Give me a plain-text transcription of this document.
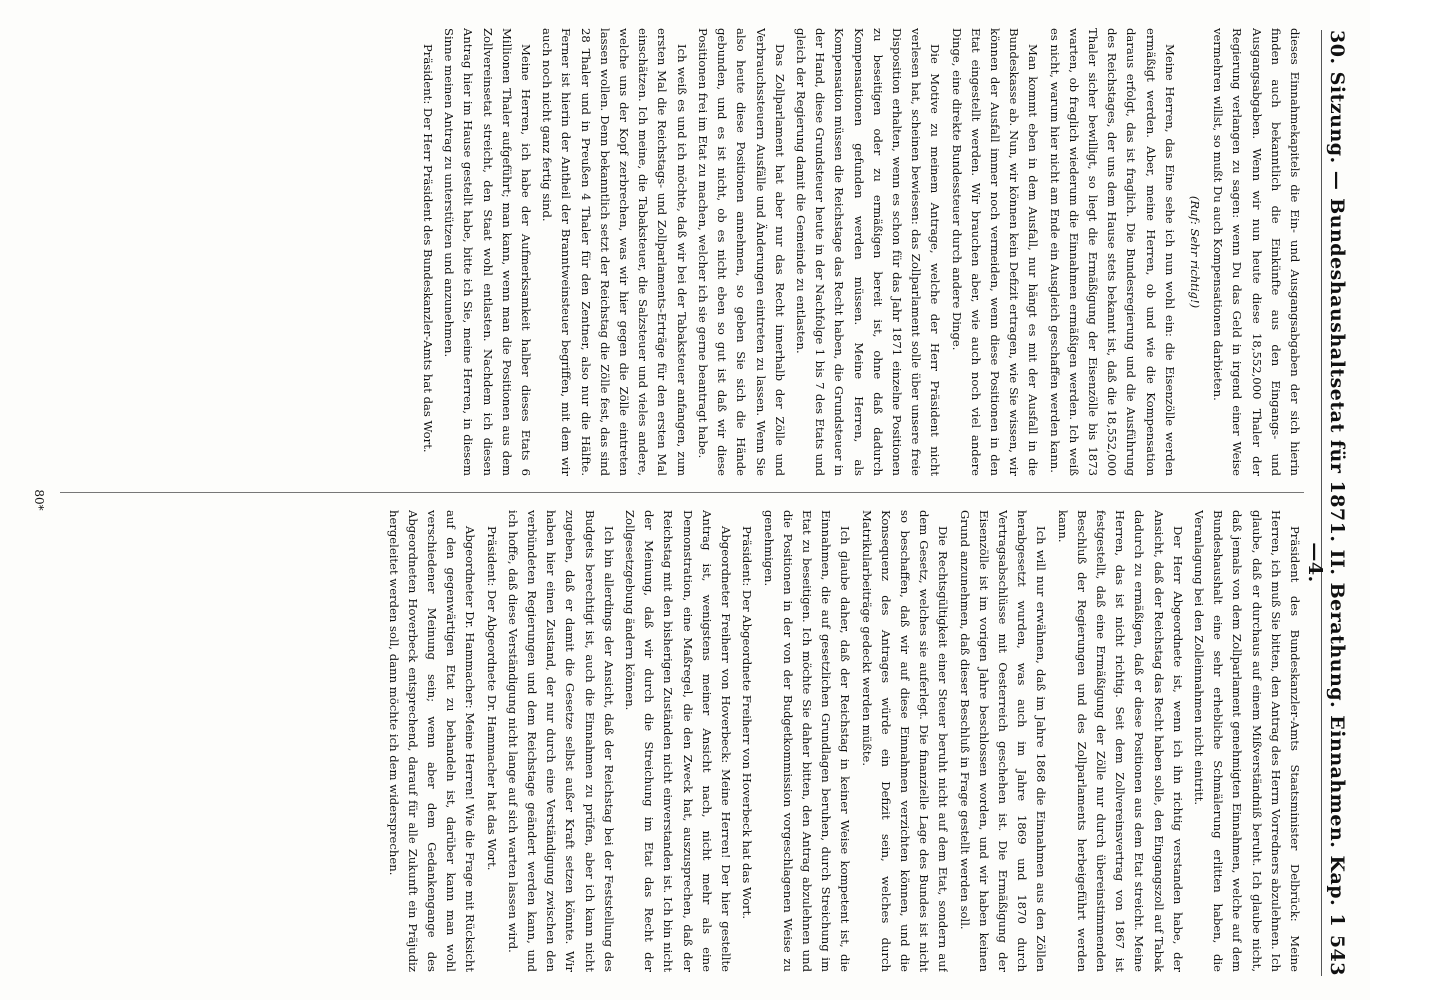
30. Sitzung. —
Bundeshaushaltsetat für 1871. II. Berathung. Einnahmen. Kap. 1—4.
543

dieses Einnahmekapitels die Ein- und Ausgangsabgaben der sich hierin finden auch bekanntlich die Einkünfte aus den Eingangs- und Ausgangsabgaben. Wenn wir nun heute diese 18,552,000 Thaler der Regierung verlangen zu sagen: wenn Du das Geld in irgend einer Weise vermehren willst, so mußt Du auch Kompensationen darbieten.

(Ruf: Sehr richtig!)

Meine Herren, das Eine sehe ich nun wohl ein: die Eisenzölle werden ermäßigt werden. Aber, meine Herren, ob und wie die Kompensation daraus erfolgt, das ist fraglich. Die Bundesregierung und die Ausführung des Reichstages, der uns dem Hause stets bekannt ist, daß die 18,552,000 Thaler sicher bewilligt, so liegt die Ermäßigung der Eisenzölle bis 1873 warten, ob fraglich wiederum die Einnahmen ermäßigen werden. Ich weiß es nicht, warum hier nicht am Ende ein Ausgleich geschaffen werden kann.

Man kommt eben in dem Ausfall, nur hängt es mit der Ausfall in die Bundeskasse ab. Nun, wir können kein Defizit ertragen, wie Sie wissen, wir können der Ausfall immer noch vermeiden, wenn diese Positionen in den Etat eingestellt werden. Wir brauchen aber, wie auch noch viel andere Dinge, eine direkte Bundessteuer durch andere Dinge.

Die Motive zu meinem Antrage, welche der Herr Präsident nicht verlesen hat, scheinen bewiesen: das Zollparlament solle über unsere freie Disposition erhalten, wenn es schon für das Jahr 1871 einzelne Positionen zu beseitigen oder zu ermäßigen bereit ist, ohne daß dadurch Kompensationen gefunden werden müssen. Meine Herren, als Kompensation müssen die Reichstage das Recht haben, die Grundsteuer in der Hand, diese Grundsteuer heute in der Nachfolge 1 bis 7 des Etats und gleich der Regierung damit die Gemeinde zu entlasten.

Das Zollparlament hat aber nur das Recht innerhalb der Zölle und Verbrauchssteuern Ausfälle und Änderungen eintreten zu lassen. Wenn Sie also heute diese Positionen annehmen, so geben Sie sich die Hände gebunden, und es ist nicht, ob es nicht eben so gut ist daß wir diese Positionen frei im Etat zu machen, welcher ich sie gerne beantragt habe.

Ich weiß es und ich möchte, daß wir bei der Tabaksteuer anfangen, zum ersten Mal die Reichstags- und Zollparlaments-Erträge für den ersten Mal einschätzen. Ich meine, die Tabaksteuer, die Salzsteuer und vieles andere, welche uns der Kopf zerbrechen, was wir hier gegen die Zölle eintreten lassen wollen. Denn bekanntlich setzt der Reichstag die Zölle fest, das sind 28 Thaler und in Preußen 4 Thaler für den Zentner, also nur die Hälfte. Ferner ist hierin der Antheil der Branntweinsteuer begriffen, mit dem wir auch noch nicht ganz fertig sind.

Meine Herren, ich habe der Aufmerksamkeit halber dieses Etats 6 Millionen Thaler aufgeführt; man kann, wenn man die Positionen aus dem Zollvereinsetat streicht, den Staat wohl entlasten. Nachdem ich diesen Antrag hier im Hause gestellt habe, bitte ich Sie, meine Herren, in diesem Sinne meinen Antrag zu unterstützen und anzunehmen.

Präsident: Der Herr Präsident des Bundeskanzler-Amts hat das Wort.

Präsident des Bundeskanzler-Amts Staatsminister Delbrück: Meine Herren, ich muß Sie bitten, den Antrag des Herrn Vorredners abzulehnen. Ich glaube, daß er durchaus auf einem Mißverständniß beruht. Ich glaube nicht, daß jemals von dem Zollparlament genehmigten Einnahmen, welche auf dem Bundeshaushalt eine sehr erhebliche Schmälerung erlitten haben, die Veranlagung bei den Zolleinnahmen nicht eintritt.

Der Herr Abgeordnete ist, wenn ich ihn richtig verstanden habe, der Ansicht, daß der Reichstag das Recht haben solle, den Eingangszoll auf Tabak dadurch zu ermäßigen, daß er diese Positionen aus dem Etat streicht. Meine Herren, das ist nicht richtig. Seit dem Zollvereinsvertrag von 1867 ist festgestellt, daß eine Ermäßigung der Zölle nur durch übereinstimmenden Beschluß der Regierungen und des Zollparlaments herbeigeführt werden kann.

Ich will nur erwähnen, daß im Jahre 1868 die Einnahmen aus den Zöllen herabgesetzt wurden, was auch im Jahre 1869 und 1870 durch Vertragsabschlüsse mit Oesterreich geschehen ist. Die Ermäßigung der Eisenzölle ist im vorigen Jahre beschlossen worden, und wir haben keinen Grund anzunehmen, daß dieser Beschluß in Frage gestellt werden soll.

Die Rechtsgültigkeit einer Steuer beruht nicht auf dem Etat, sondern auf dem Gesetz, welches sie auferlegt. Die finanzielle Lage des Bundes ist nicht so beschaffen, daß wir auf diese Einnahmen verzichten können, und die Konsequenz des Antrages würde ein Defizit sein, welches durch Matrikularbeiträge gedeckt werden müßte.

Ich glaube daher, daß der Reichstag in keiner Weise kompetent ist, die Einnahmen, die auf gesetzlichen Grundlagen beruhen, durch Streichung im Etat zu beseitigen. Ich möchte Sie daher bitten, den Antrag abzulehnen und die Positionen in der von der Budgetkommission vorgeschlagenen Weise zu genehmigen.

Präsident: Der Abgeordnete Freiherr von Hoverbeck hat das Wort.

Abgeordneter Freiherr von Hoverbeck: Meine Herren! Der hier gestellte Antrag ist, wenigstens meiner Ansicht nach, nicht mehr als eine Demonstration, eine Maßregel, die den Zweck hat, auszusprechen, daß der Reichstag mit den bisherigen Zuständen nicht einverstanden ist. Ich bin nicht der Meinung, daß wir durch die Streichung im Etat das Recht der Zollgesetzgebung ändern können.

Ich bin allerdings der Ansicht, daß der Reichstag bei der Feststellung des Budgets berechtigt ist, auch die Einnahmen zu prüfen, aber ich kann nicht zugeben, daß er damit die Gesetze selbst außer Kraft setzen könnte. Wir haben hier einen Zustand, der nur durch eine Verständigung zwischen den verbündeten Regierungen und dem Reichstage geändert werden kann, und ich hoffe, daß diese Verständigung nicht lange auf sich warten lassen wird.

Präsident: Der Abgeordnete Dr. Hammacher hat das Wort.

Abgeordneter Dr. Hammacher: Meine Herren! Wie die Frage mit Rücksicht auf den gegenwärtigen Etat zu behandeln ist, darüber kann man wohl verschiedener Meinung sein; wenn aber dem Gedankengange des Abgeordneten Hoverbeck entsprechend, darauf für alle Zukunft ein Präjudiz hergeleitet werden soll, dann möchte ich dem widersprechen.

80*
